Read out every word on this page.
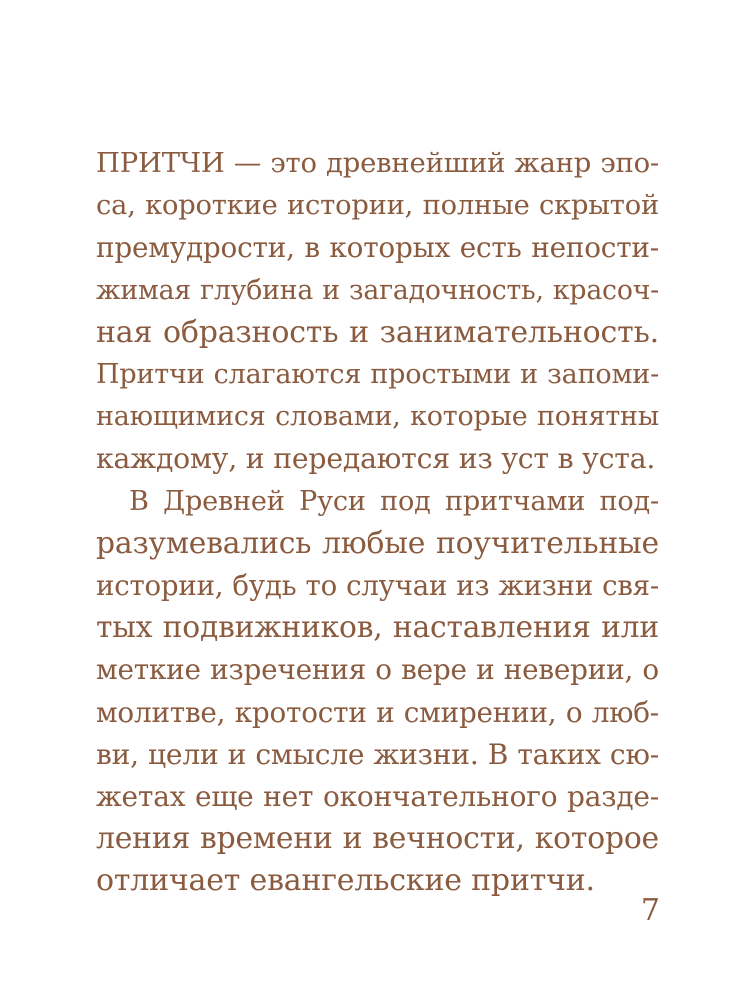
ПРИТЧИ — это древнейший жанр эпо-
са, короткие истории, полные скрытой
премудрости, в которых есть непости-
жимая глубина и загадочность, красоч-
ная образность и занимательность.
Притчи слагаются простыми и запоми-
нающимися словами, которые понятны
каждому, и передаются из уст в уста.

В Древней Руси под притчами под-
разумевались любые поучительные
истории, будь то случаи из жизни свя-
тых подвижников, наставления или
меткие изречения о вере и неверии, о
молитве, кротости и смирении, о люб-
ви, цели и смысле жизни. В таких сю-
жетах еще нет окончательного разде-
ления времени и вечности, которое
отличает евангельские притчи.

7
